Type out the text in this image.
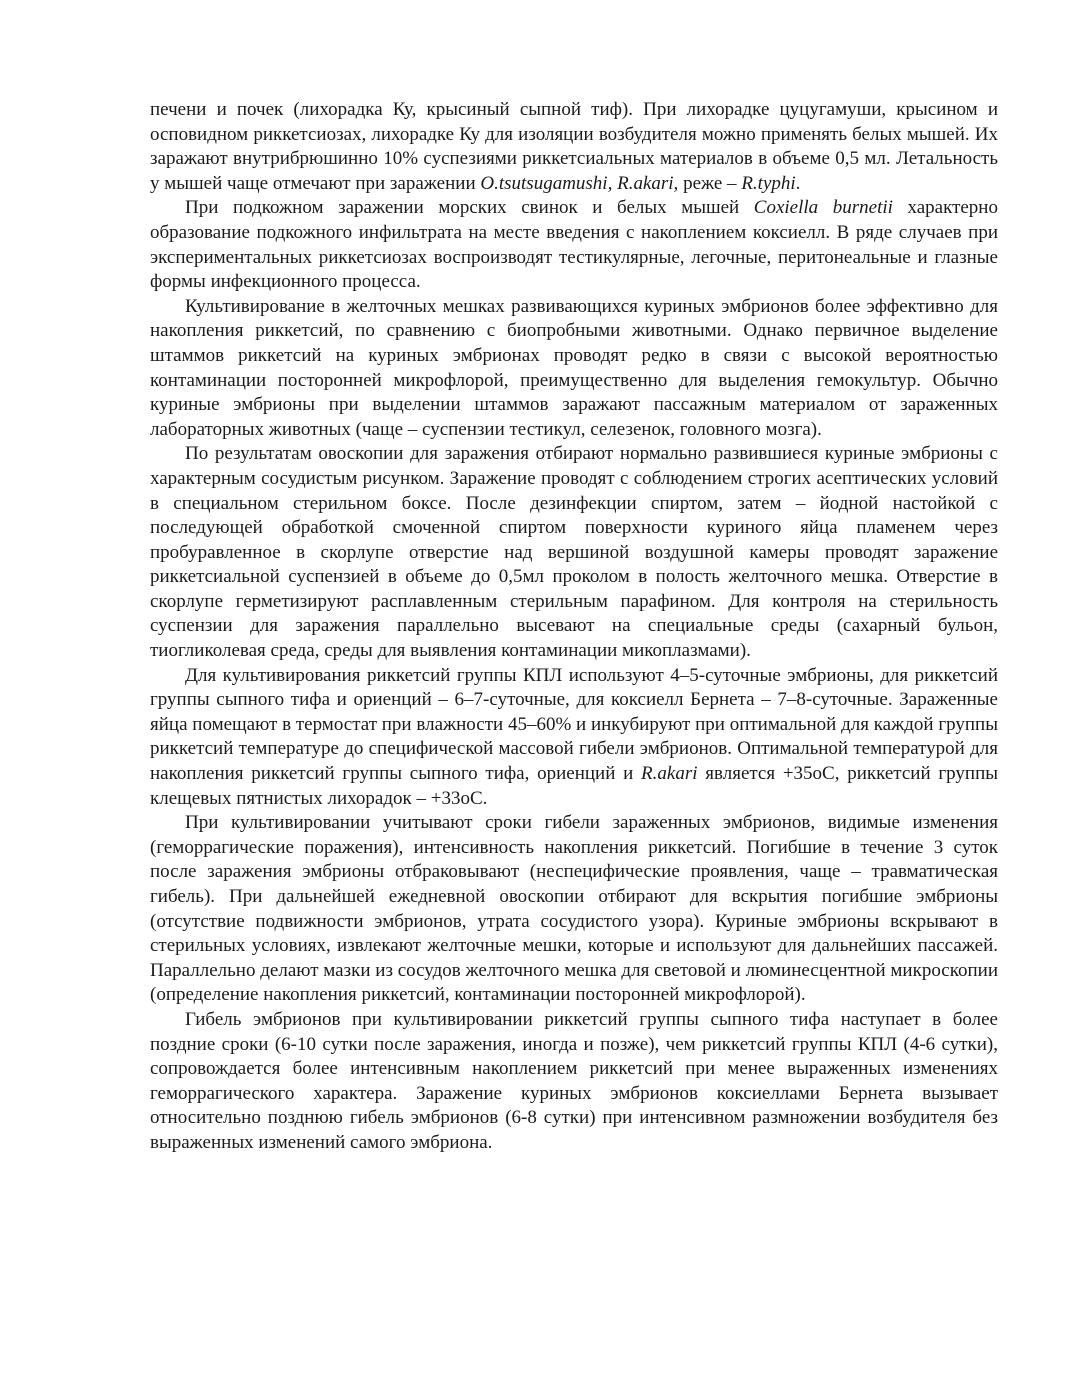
печени и почек (лихорадка Ку, крысиный сыпной тиф). При лихорадке цуцугамуши, крысином и осповидном риккетсиозах, лихорадке Ку для изоляции возбудителя можно применять белых мышей. Их заражают внутрибрюшинно 10% суспезиями риккетсиальных материалов в объеме 0,5 мл. Летальность у мышей чаще отмечают при заражении O.tsutsugamushi, R.akari, реже – R.typhi.

При подкожном заражении морских свинок и белых мышей Coxiella burnetii характерно образование подкожного инфильтрата на месте введения с накоплением коксиелл. В ряде случаев при экспериментальных риккетсиозах воспроизводят тестикулярные, легочные, перитонеальные и глазные формы инфекционного процесса.

Культивирование в желточных мешках развивающихся куриных эмбрионов более эффективно для накопления риккетсий, по сравнению с биопробными животными. Однако первичное выделение штаммов риккетсий на куриных эмбрионах проводят редко в связи с высокой вероятностью контаминации посторонней микрофлорой, преимущественно для выделения гемокультур. Обычно куриные эмбрионы при выделении штаммов заражают пассажным материалом от зараженных лабораторных животных (чаще – суспензии тестикул, селезенок, головного мозга).

По результатам овоскопии для заражения отбирают нормально развившиеся куриные эмбрионы с характерным сосудистым рисунком. Заражение проводят с соблюдением строгих асептических условий в специальном стерильном боксе. После дезинфекции спиртом, затем – йодной настойкой с последующей обработкой смоченной спиртом поверхности куриного яйца пламенем через пробуравленное в скорлупе отверстие над вершиной воздушной камеры проводят заражение риккетсиальной суспензией в объеме до 0,5мл проколом в полость желточного мешка. Отверстие в скорлупе герметизируют расплавленным стерильным парафином. Для контроля на стерильность суспензии для заражения параллельно высевают на специальные среды (сахарный бульон, тиогликолевая среда, среды для выявления контаминации микоплазмами).

Для культивирования риккетсий группы КПЛ используют 4–5-суточные эмбрионы, для риккетсий группы сыпного тифа и ориенций – 6–7-суточные, для коксиелл Бернета – 7–8-суточные. Зараженные яйца помещают в термостат при влажности 45–60% и инкубируют при оптимальной для каждой группы риккетсий температуре до специфической массовой гибели эмбрионов. Оптимальной температурой для накопления риккетсий группы сыпного тифа, ориенций и R.akari является +35оС, риккетсий группы клещевых пятнистых лихорадок – +33оС.

При культивировании учитывают сроки гибели зараженных эмбрионов, видимые изменения (геморрагические поражения), интенсивность накопления риккетсий. Погибшие в течение 3 суток после заражения эмбрионы отбраковывают (неспецифические проявления, чаще – травматическая гибель). При дальнейшей ежедневной овоскопии отбирают для вскрытия погибшие эмбрионы (отсутствие подвижности эмбрионов, утрата сосудистого узора). Куриные эмбрионы вскрывают в стерильных условиях, извлекают желточные мешки, которые и используют для дальнейших пассажей. Параллельно делают мазки из сосудов желточного мешка для световой и люминесцентной микроскопии (определение накопления риккетсий, контаминации посторонней микрофлорой).

Гибель эмбрионов при культивировании риккетсий группы сыпного тифа наступает в более поздние сроки (6-10 сутки после заражения, иногда и позже), чем риккетсий группы КПЛ (4-6 сутки), сопровождается более интенсивным накоплением риккетсий при менее выраженных изменениях геморрагического характера. Заражение куриных эмбрионов коксиеллами Бернета вызывает относительно позднюю гибель эмбрионов (6-8 сутки) при интенсивном размножении возбудителя без выраженных изменений самого эмбриона.
